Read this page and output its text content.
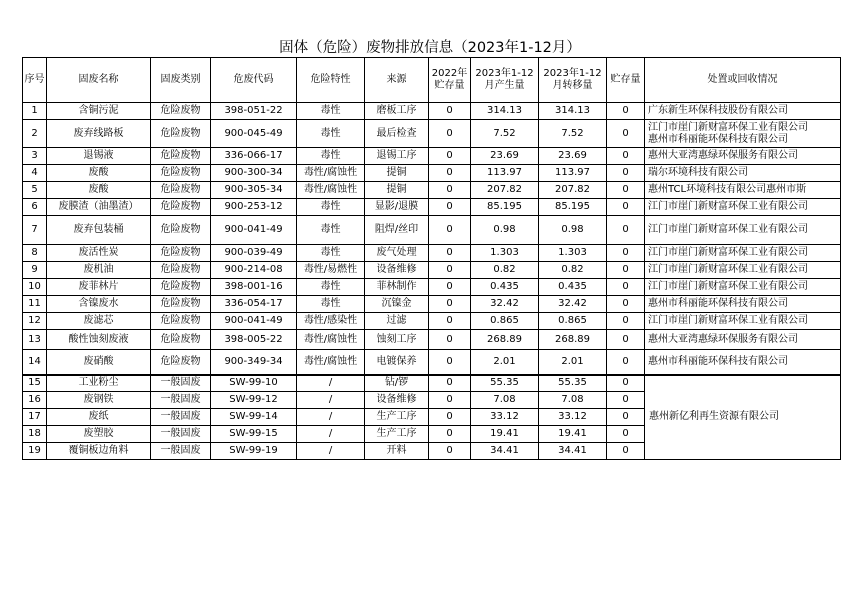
固体（危险）废物排放信息（2023年1-12月）
序号	固废名称	固废类别	危废代码	危险特性	来源	2022年贮存量	2023年1-12月产生量	2023年1-12月转移量	贮存量	处置或回收情况
1	含铜污泥	危险废物	398-051-22	毒性	磨板工序	0	314.13	314.13	0	广东新生环保科技股份有限公司

2	废弃线路板	危险废物	900-045-49	毒性	最后检查	0	7.52	7.52	0	江门市崖门新财富环保工业有限公司
惠州市科丽能环保科技有限公司

3	退锡液	危险废物	336-066-17	毒性	退锡工序	0	23.69	23.69	0	惠州大亚湾惠绿环保服务有限公司

4	废酸	危险废物	900-300-34	毒性/腐蚀性	提铜	0	113.97	113.97	0	瑞尔环境科技有限公司

5	废酸	危险废物	900-305-34	毒性/腐蚀性	提铜	0	207.82	207.82	0	惠州TCL环境科技有限公司惠州市斯

6	废膜渣（油墨渣）	危险废物	900-253-12	毒性	显影/退膜	0	85.195	85.195	0	江门市崖门新财富环保工业有限公司

7	废弃包装桶	危险废物	900-041-49	毒性	阻焊/丝印	0	0.98	0.98	0	江门市崖门新财富环保工业有限公司

8	废活性炭	危险废物	900-039-49	毒性	废气处理	0	1.303	1.303	0	江门市崖门新财富环保工业有限公司

9	废机油	危险废物	900-214-08	毒性/易燃性	设备维修	0	0.82	0.82	0	江门市崖门新财富环保工业有限公司

10	废菲林片	危险废物	398-001-16	毒性	菲林制作	0	0.435	0.435	0	江门市崖门新财富环保工业有限公司

11	含镍废水	危险废物	336-054-17	毒性	沉镍金	0	32.42	32.42	0	惠州市科丽能环保科技有限公司

12	废滤芯	危险废物	900-041-49	毒性/感染性	过滤	0	0.865	0.865	0	江门市崖门新财富环保工业有限公司

13	酸性蚀刻废液	危险废物	398-005-22	毒性/腐蚀性	蚀刻工序	0	268.89	268.89	0	惠州大亚湾惠绿环保服务有限公司

14	废硝酸	危险废物	900-349-34	毒性/腐蚀性	电镀保养	0	2.01	2.01	0	惠州市科丽能环保科技有限公司

15	工业粉尘	一般固废	SW-99-10	/	钻/锣	0	55.35	55.35	0	惠州新亿利再生资源有限公司
16	废钢铁	一般固废	SW-99-12	/	设备维修	0	7.08	7.08	0	
17	废纸	一般固废	SW-99-14	/	生产工序	0	33.12	33.12	0	
18	废塑胶	一般固废	SW-99-15	/	生产工序	0	19.41	19.41	0	
19	覆铜板边角料	一般固废	SW-99-19	/	开料	0	34.41	34.41	0	
